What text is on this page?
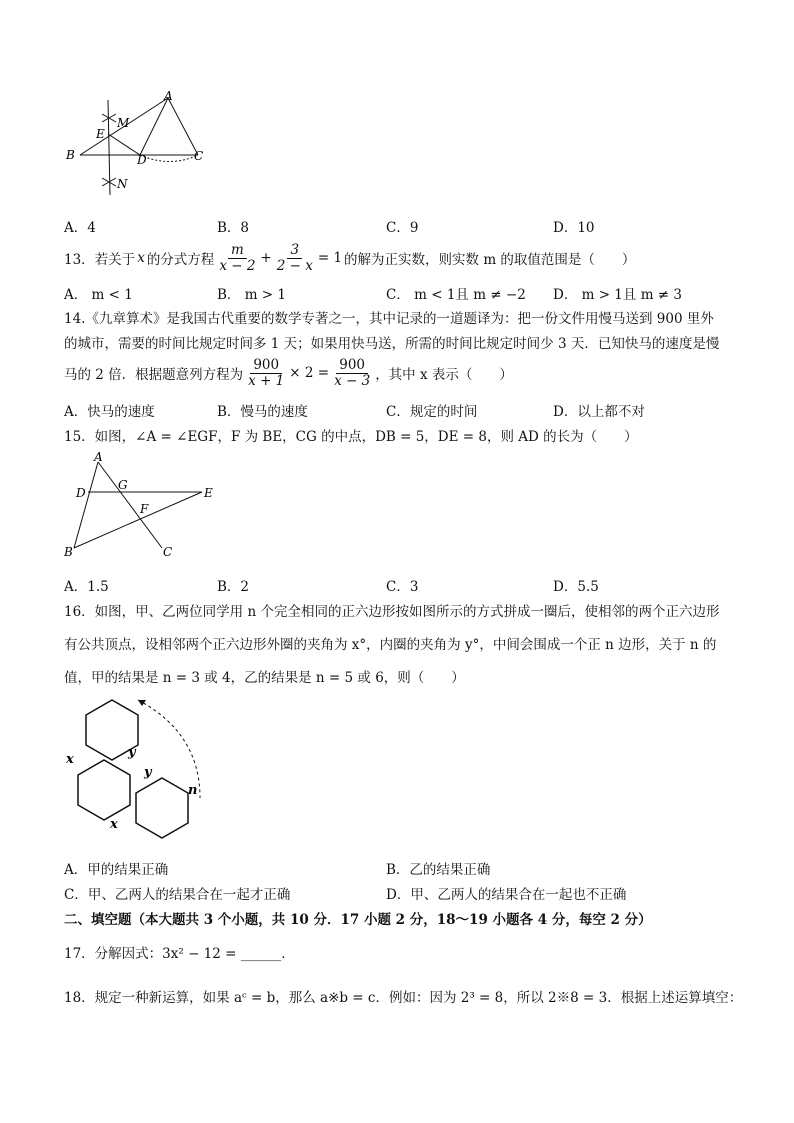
A
B	C
D
E
M
N
A．4	B．8	C．9	D．10
13．若关于 x 的分式方程 $\frac{m}{x - 2} + \frac{3}{2 - x} = 1$ 的解为正实数，则实数 m 的取值范围是（　　）
A． m < 1	B． m > 1	C． m < 1且 m ≠ −2 D． m > 1且 m ≠ 3
14.《九章算术》是我国古代重要的数学专著之一，其中记录的一道题译为：把一份文件用慢马送到 900 里外
的城市，需要的时间比规定时间多 1 天；如果用快马送，所需的时间比规定时间少 3 天．已知快马的速度是慢
马的 2 倍．根据题意列方程为 $\frac{900}{x + 1} \times 2 = \frac{900}{x - 3}$ ，其中 x 表示（　　）
A．快马的速度	B．慢马的速度	C．规定的时间	D．以上都不对
15．如图，∠A = ∠EGF，F 为 BE，CG 的中点，DB = 5，DE = 8，则 AD 的长为（　　）
A
D
G
E
F
B	C
A．1.5	B．2	C．3	D．5.5
16．如图，甲、乙两位同学用 n 个完全相同的正六边形按如图所示的方式拼成一圈后，使相邻的两个正六边形
有公共顶点，设相邻两个正六边形外圈的夹角为 x°，内圈的夹角为 y°，中间会围成一个正 n 边形，关于 n 的
值，甲的结果是 n = 3 或 4，乙的结果是 n = 5 或 6，则（　　）
x	y
y
x
n
A．甲的结果正确	B．乙的结果正确
C．甲、乙两人的结果合在一起才正确	D．甲、乙两人的结果合在一起也不正确
二、填空题（本大题共 3 个小题，共 10 分．17 小题 2 分，18～19 小题各 4 分，每空 2 分）
17．分解因式：3x² − 12 = ______．
18．规定一种新运算，如果 aᶜ = b，那么 a※b = c．例如：因为 2³ = 8，所以 2※8 = 3．根据上述运算填空：
